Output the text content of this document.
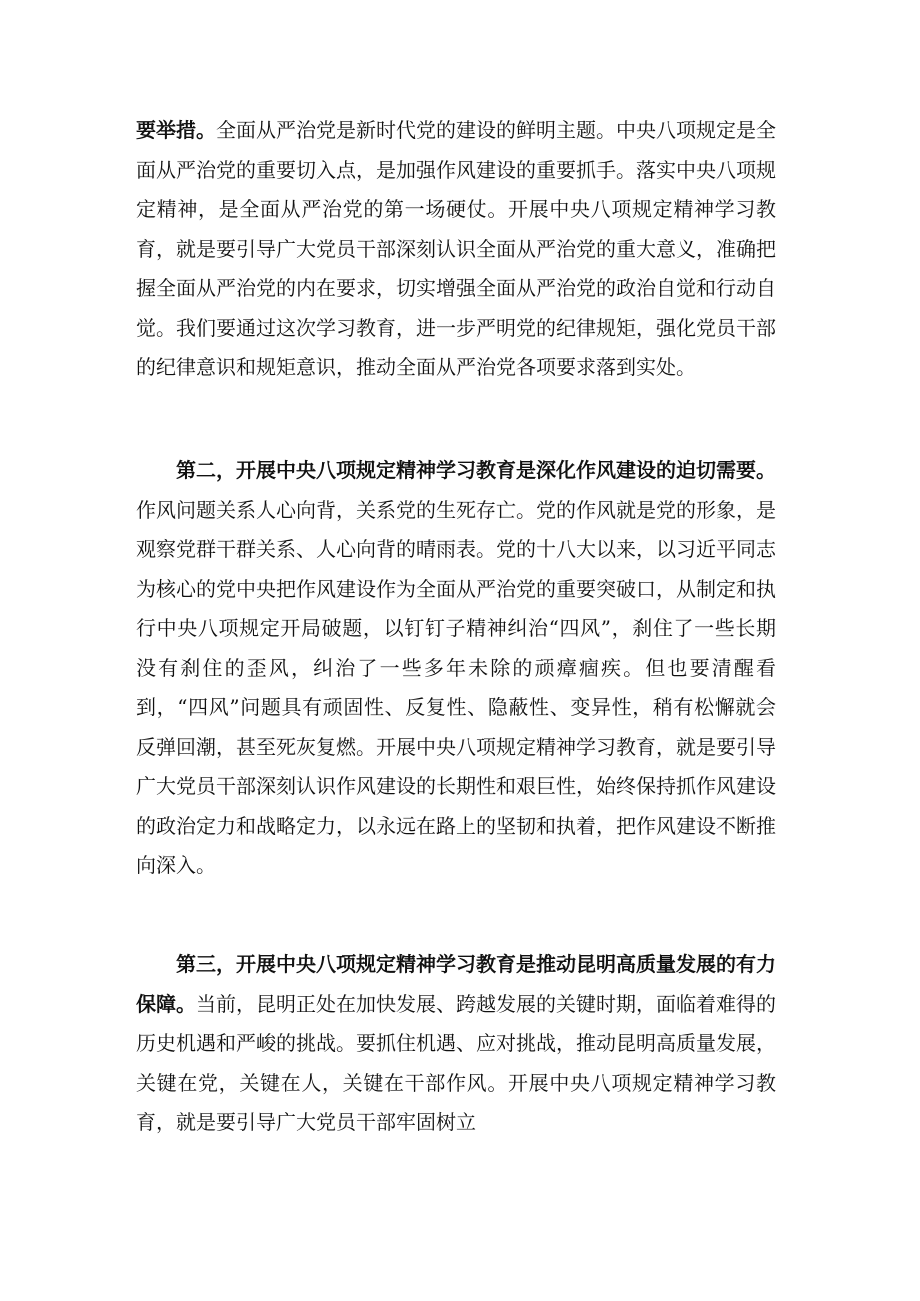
要举措。全面从严治党是新时代党的建设的鲜明主题。中央八项规定是全面从严治党的重要切入点，是加强作风建设的重要抓手。落实中央八项规定精神，是全面从严治党的第一场硬仗。开展中央八项规定精神学习教育，就是要引导广大党员干部深刻认识全面从严治党的重大意义，准确把握全面从严治党的内在要求，切实增强全面从严治党的政治自觉和行动自觉。我们要通过这次学习教育，进一步严明党的纪律规矩，强化党员干部的纪律意识和规矩意识，推动全面从严治党各项要求落到实处。

第二，开展中央八项规定精神学习教育是深化作风建设的迫切需要。作风问题关系人心向背，关系党的生死存亡。党的作风就是党的形象，是观察党群干群关系、人心向背的晴雨表。党的十八大以来，以习近平同志为核心的党中央把作风建设作为全面从严治党的重要突破口，从制定和执行中央八项规定开局破题，以钉钉子精神纠治“四风”，刹住了一些长期没有刹住的歪风，纠治了一些多年未除的顽瘴痼疾。但也要清醒看到，“四风”问题具有顽固性、反复性、隐蔽性、变异性，稍有松懈就会反弹回潮，甚至死灰复燃。开展中央八项规定精神学习教育，就是要引导广大党员干部深刻认识作风建设的长期性和艰巨性，始终保持抓作风建设的政治定力和战略定力，以永远在路上的坚韧和执着，把作风建设不断推向深入。

第三，开展中央八项规定精神学习教育是推动昆明高质量发展的有力保障。当前，昆明正处在加快发展、跨越发展的关键时期，面临着难得的历史机遇和严峻的挑战。要抓住机遇、应对挑战，推动昆明高质量发展，关键在党，关键在人，关键在干部作风。开展中央八项规定精神学习教育，就是要引导广大党员干部牢固树立
